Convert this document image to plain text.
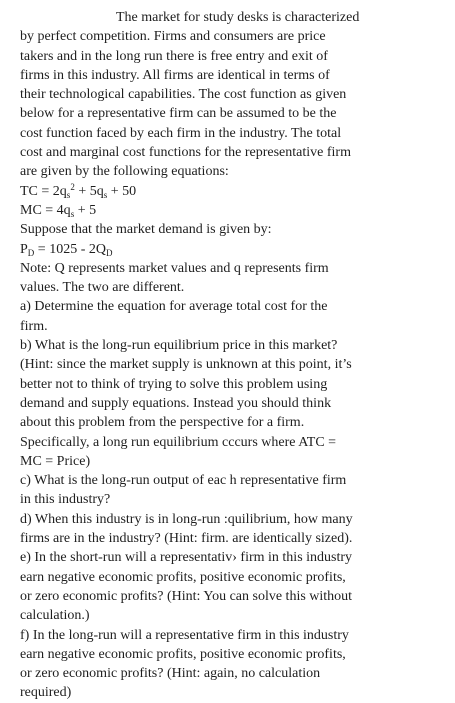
The market for study desks is characterized
by perfect competition. Firms and consumers are price
takers and in the long run there is free entry and exit of
firms in this industry. All firms are identical in terms of
their technological capabilities. The cost function as given
below for a representative firm can be assumed to be the
cost function faced by each firm in the industry. The total
cost and marginal cost functions for the representative firm
are given by the following equations:
TC = $2q_s^2 + 5q_s + 50$
MC = $4q_s + 5$
Suppose that the market demand is given by:
$P_D = 1025 - 2Q_D$
Note: Q represents market values and q represents firm
values. The two are different.
a) Determine the equation for average total cost for the
firm.
b) What is the long-run equilibrium price in this market?
(Hint: since the market supply is unknown at this point, it’s
better not to think of trying to solve this problem using
demand and supply equations. Instead you should think
about this problem from the perspective for a firm.
Specifically, a long run equilibrium cccurs where ATC =
MC = Price)
c) What is the long-run output of eac h representative firm
in this industry?
d) When this industry is in long-run :quilibrium, how many
firms are in the industry? (Hint: firm. are identically sized).
e) In the short-run will a representativ› firm in this industry
earn negative economic profits, positive economic profits,
or zero economic profits? (Hint: You can solve this without
calculation.)
f) In the long-run will a representative firm in this industry
earn negative economic profits, positive economic profits,
or zero economic profits? (Hint: again, no calculation
required)
